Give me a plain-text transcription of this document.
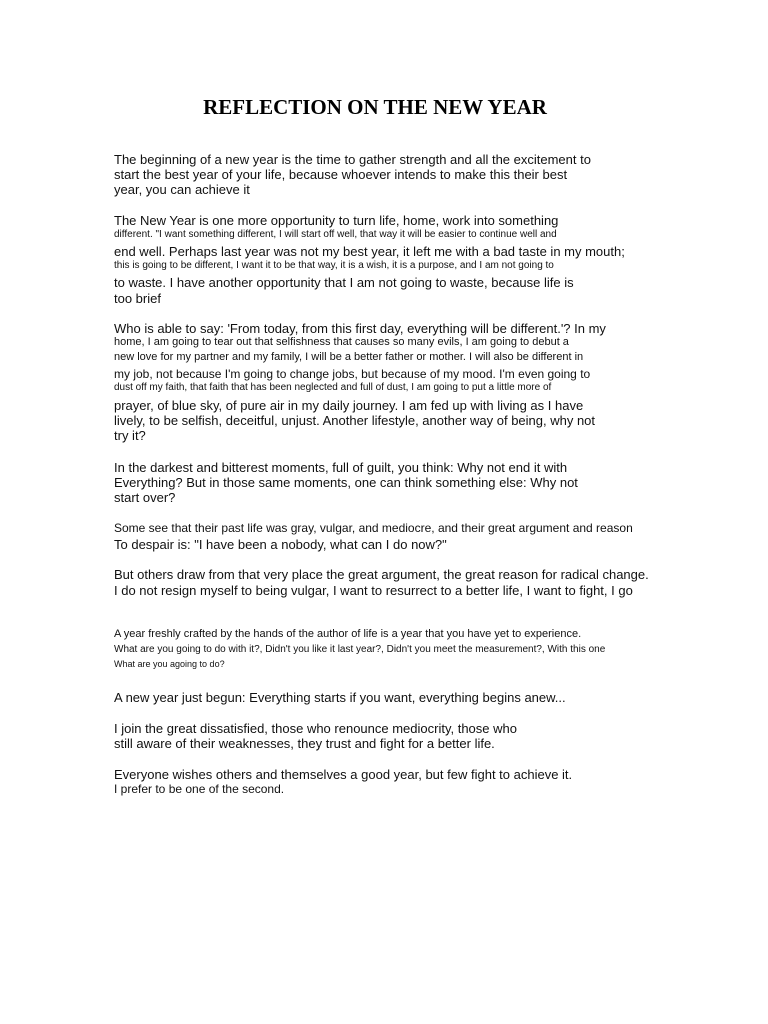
REFLECTION ON THE NEW YEAR
The beginning of a new year is the time to gather strength and all the excitement to
start the best year of your life, because whoever intends to make this their best
year, you can achieve it
The New Year is one more opportunity to turn life, home, work into something
different. "I want something different, I will start off well, that way it will be easier to continue well and
end well. Perhaps last year was not my best year, it left me with a bad taste in my mouth;
this is going to be different, I want it to be that way, it is a wish, it is a purpose, and I am not going to
to waste. I have another opportunity that I am not going to waste, because life is
too brief
Who is able to say: 'From today, from this first day, everything will be different.'? In my
home, I am going to tear out that selfishness that causes so many evils, I am going to debut a
new love for my partner and my family, I will be a better father or mother. I will also be different in
my job, not because I'm going to change jobs, but because of my mood. I'm even going to
dust off my faith, that faith that has been neglected and full of dust, I am going to put a little more of
prayer, of blue sky, of pure air in my daily journey. I am fed up with living as I have
lively, to be selfish, deceitful, unjust. Another lifestyle, another way of being, why not
try it?
In the darkest and bitterest moments, full of guilt, you think: Why not end it with
Everything? But in those same moments, one can think something else: Why not
start over?
Some see that their past life was gray, vulgar, and mediocre, and their great argument and reason
To despair is: "I have been a nobody, what can I do now?"
But others draw from that very place the great argument, the great reason for radical change.
I do not resign myself to being vulgar, I want to resurrect to a better life, I want to fight, I go
A year freshly crafted by the hands of the author of life is a year that you have yet to experience.
What are you going to do with it?, Didn't you like it last year?, Didn't you meet the measurement?, With this one
What are you agoing to do?
A new year just begun: Everything starts if you want, everything begins anew...
I join the great dissatisfied, those who renounce mediocrity, those who
still aware of their weaknesses, they trust and fight for a better life.
Everyone wishes others and themselves a good year, but few fight to achieve it.
I prefer to be one of the second.
